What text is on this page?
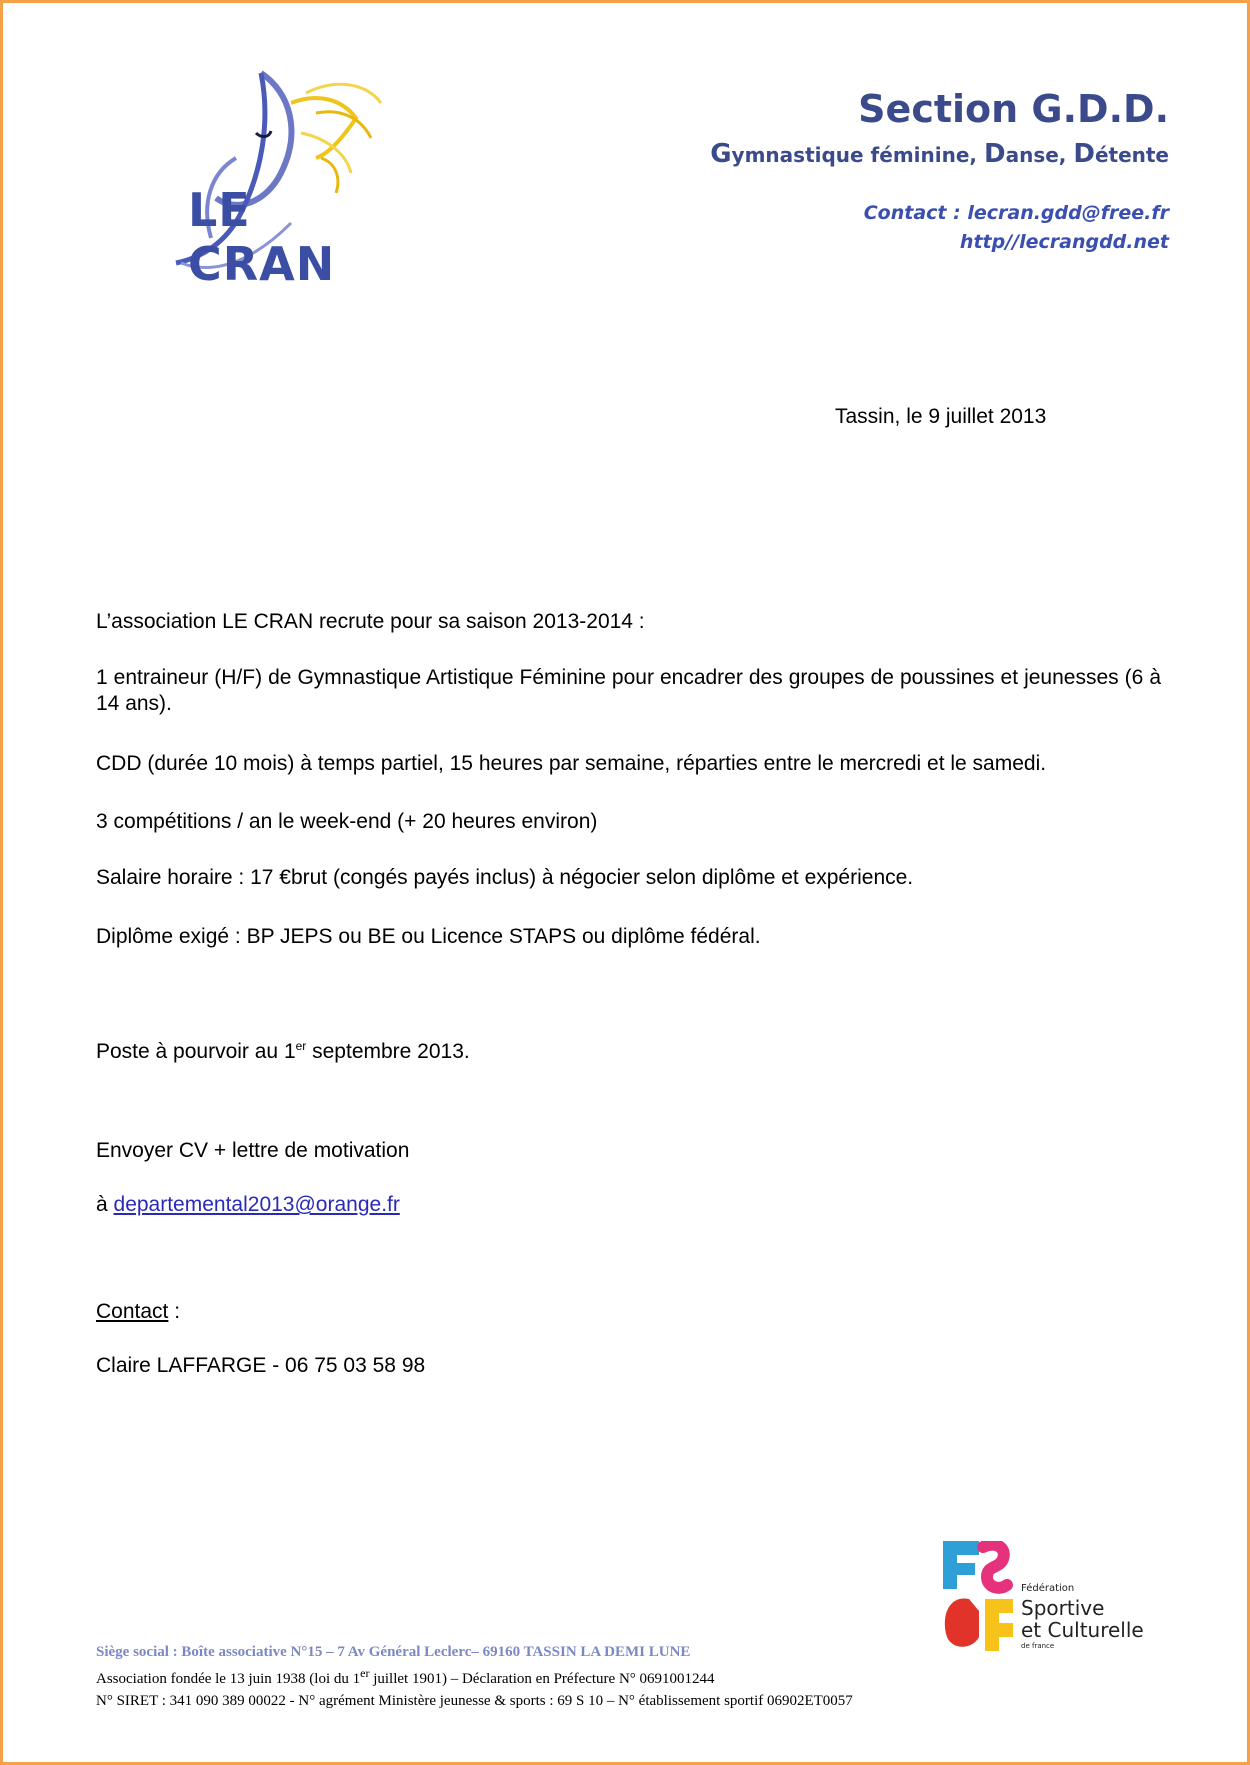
LE CRAN
Section G.D.D.
Gymnastique féminine, Danse, Détente
Contact : lecran.gdd@free.fr
http//lecrangdd.net
Tassin, le 9 juillet 2013

L’association LE CRAN recrute pour sa saison 2013-2014 :

1 entraineur (H/F) de Gymnastique Artistique Féminine pour encadrer des groupes de poussines et jeunesses (6 à 14 ans).

CDD (durée 10 mois) à temps partiel, 15 heures par semaine, réparties entre le mercredi et le samedi.

3 compétitions / an le week-end (+ 20 heures environ)

Salaire horaire : 17 €brut (congés payés inclus) à négocier selon diplôme et expérience.

Diplôme exigé : BP JEPS ou BE ou Licence STAPS ou diplôme fédéral.

Poste à pourvoir au 1er septembre 2013.

Envoyer CV + lettre de motivation

à departemental2013@orange.fr

Contact :

Claire LAFFARGE - 06 75 03 58 98

Fédération
Sportive
et Culturelle
de france
Siège social : Boîte associative N°15 – 7 Av Général Leclerc– 69160 TASSIN LA DEMI LUNE
Association fondée le 13 juin 1938 (loi du 1er juillet 1901) – Déclaration en Préfecture N° 0691001244
N° SIRET : 341 090 389 00022 - N° agrément Ministère jeunesse & sports : 69 S 10 – N° établissement sportif 06902ET0057
